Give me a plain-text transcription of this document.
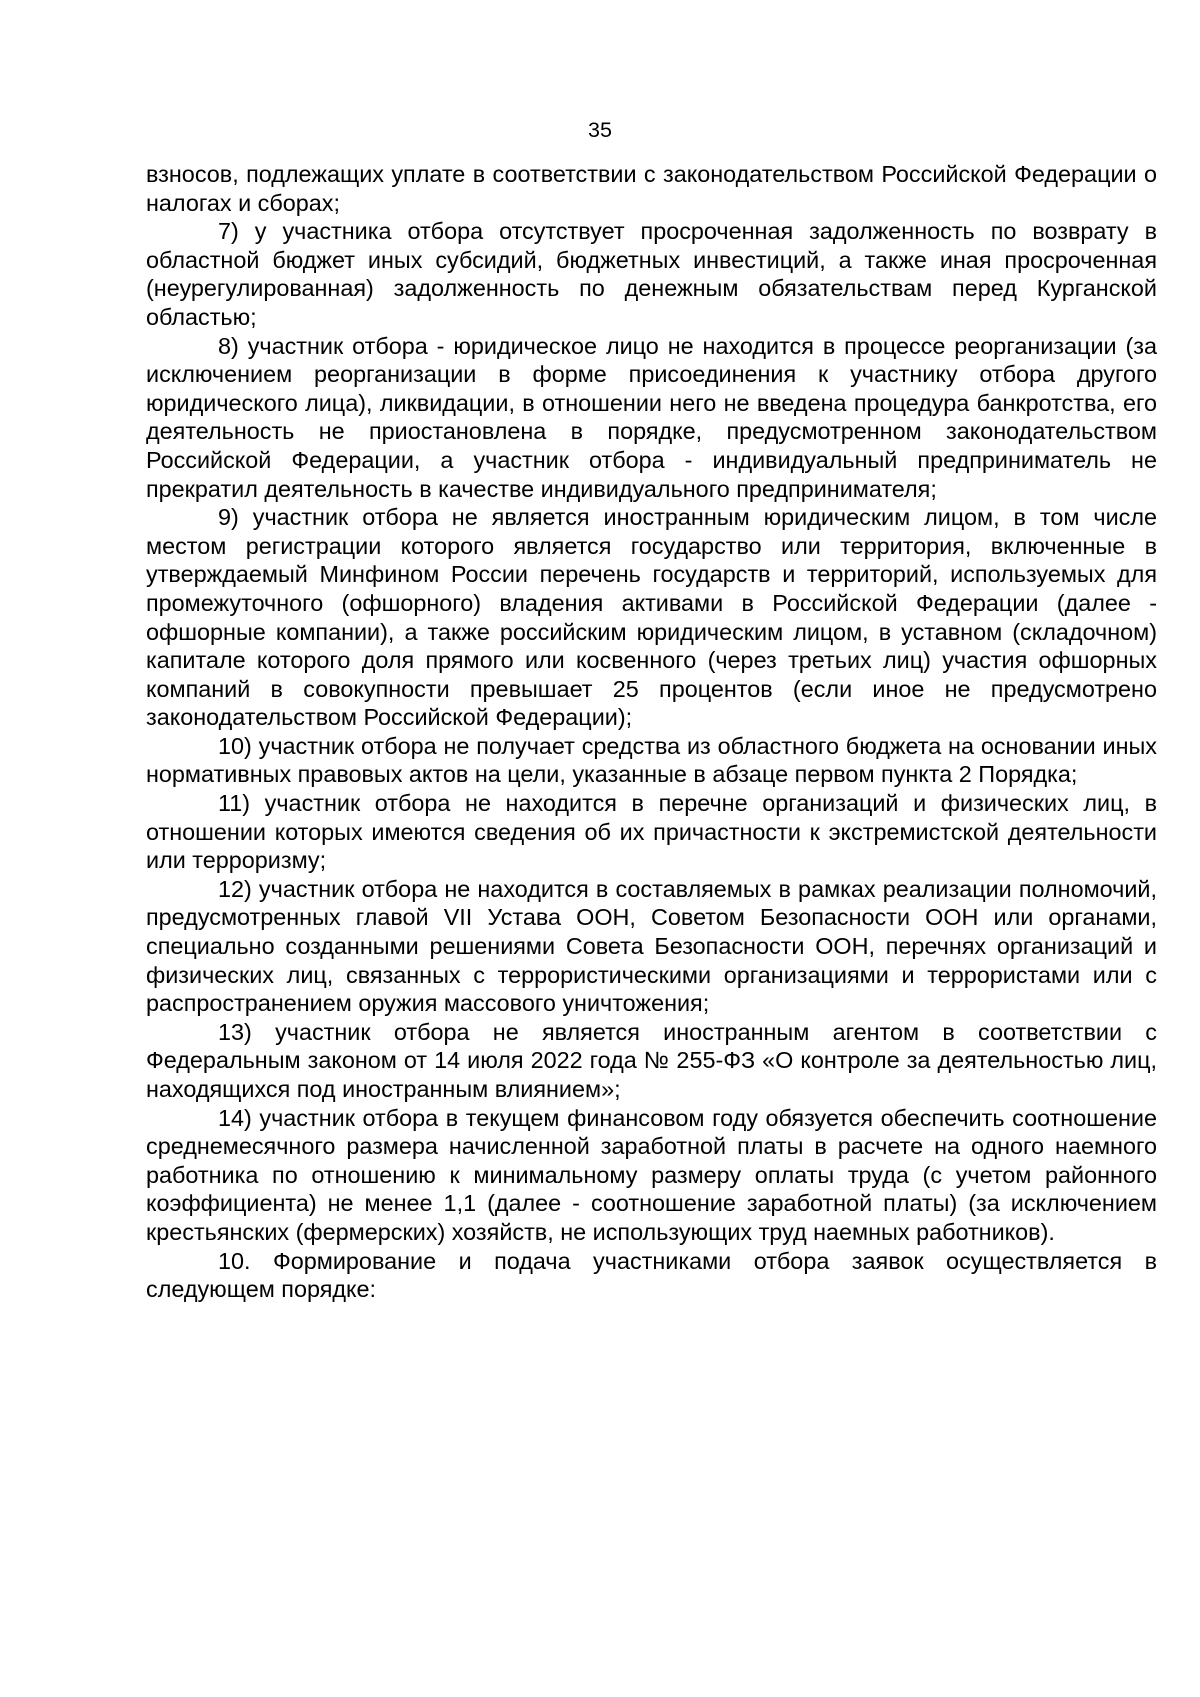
35

взносов, подлежащих уплате в соответствии с законодательством Российской Федерации о налогах и сборах;

7) у участника отбора отсутствует просроченная задолженность по возврату в областной бюджет иных субсидий, бюджетных инвестиций, а также иная просроченная (неурегулированная) задолженность по денежным обязательствам перед Курганской областью;

8) участник отбора - юридическое лицо не находится в процессе реорганизации (за исключением реорганизации в форме присоединения к участнику отбора другого юридического лица), ликвидации, в отношении него не введена процедура банкротства, его деятельность не приостановлена в порядке, предусмотренном законодательством Российской Федерации, а участник отбора - индивидуальный предприниматель не прекратил деятельность в качестве индивидуального предпринимателя;

9) участник отбора не является иностранным юридическим лицом, в том числе местом регистрации которого является государство или территория, включенные в утверждаемый Минфином России перечень государств и территорий, используемых для промежуточного (офшорного) владения активами в Российской Федерации (далее - офшорные компании), а также российским юридическим лицом, в уставном (складочном) капитале которого доля прямого или косвенного (через третьих лиц) участия офшорных компаний в совокупности превышает 25 процентов (если иное не предусмотрено законодательством Российской Федерации);

10) участник отбора не получает средства из областного бюджета на основании иных нормативных правовых актов на цели, указанные в абзаце первом пункта 2 Порядка;

11) участник отбора не находится в перечне организаций и физических лиц, в отношении которых имеются сведения об их причастности к экстремистской деятельности или терроризму;

12) участник отбора не находится в составляемых в рамках реализации полномочий, предусмотренных главой VII Устава ООН, Советом Безопасности ООН или органами, специально созданными решениями Совета Безопасности ООН, перечнях организаций и физических лиц, связанных с террористическими организациями и террористами или с распространением оружия массового уничтожения;

13) участник отбора не является иностранным агентом в соответствии с Федеральным законом от 14 июля 2022 года № 255-ФЗ «О контроле за деятельностью лиц, находящихся под иностранным влиянием»;

14) участник отбора в текущем финансовом году обязуется обеспечить соотношение среднемесячного размера начисленной заработной платы в расчете на одного наемного работника по отношению к минимальному размеру оплаты труда (с учетом районного коэффициента) не менее 1,1 (далее - соотношение заработной платы) (за исключением крестьянских (фермерских) хозяйств, не использующих труд наемных работников).

10. Формирование и подача участниками отбора заявок осуществляется в следующем порядке:
